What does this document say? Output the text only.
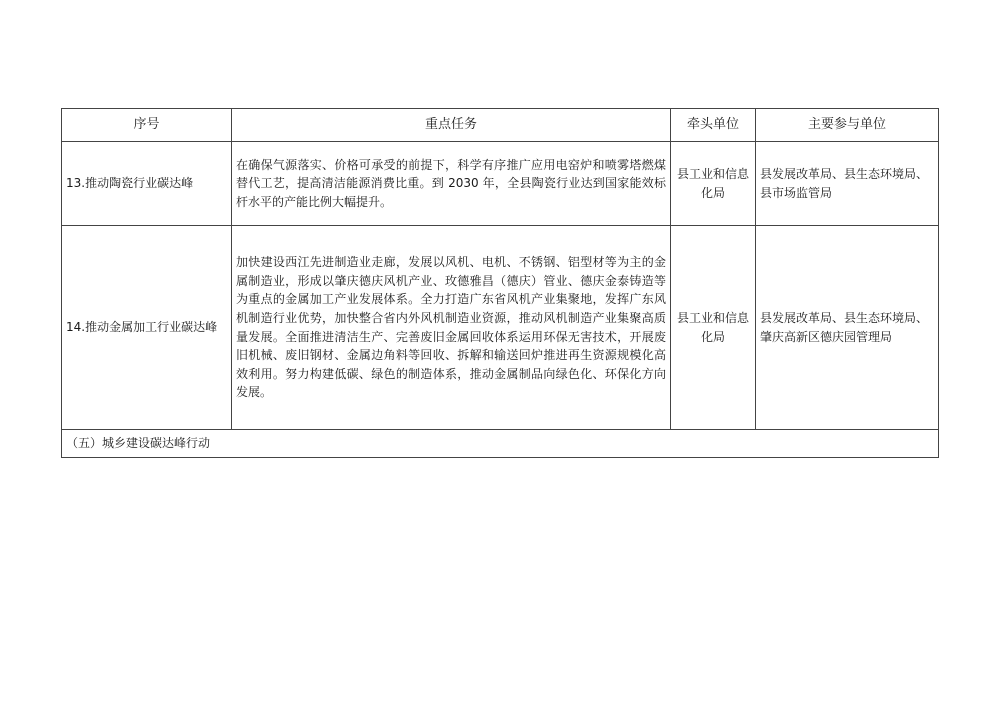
序号	重点任务	牵头单位	主要参与单位
13.推动陶瓷行业碳达峰	在确保气源落实、价格可承受的前提下，科学有序推广应用电窑炉和喷雾塔燃煤替代工艺，提高清洁能源消费比重。到 2030 年，全县陶瓷行业达到国家能效标杆水平的产能比例大幅提升。	县工业和信息化局	县发展改革局、县生态环境局、县市场监管局
14.推动金属加工行业碳达峰	加快建设西江先进制造业走廊，发展以风机、电机、不锈钢、铝型材等为主的金属制造业，形成以肇庆德庆风机产业、玫德雅昌（德庆）管业、德庆金泰铸造等为重点的金属加工产业发展体系。全力打造广东省风机产业集聚地，发挥广东风机制造行业优势，加快整合省内外风机制造业资源，推动风机制造产业集聚高质量发展。全面推进清洁生产、完善废旧金属回收体系运用环保无害技术，开展废旧机械、废旧钢材、金属边角料等回收、拆解和输送回炉推进再生资源规模化高效利用。努力构建低碳、绿色的制造体系，推动金属制品向绿色化、环保化方向发展。	县工业和信息化局	县发展改革局、县生态环境局、肇庆高新区德庆园管理局
（五）城乡建设碳达峰行动			
